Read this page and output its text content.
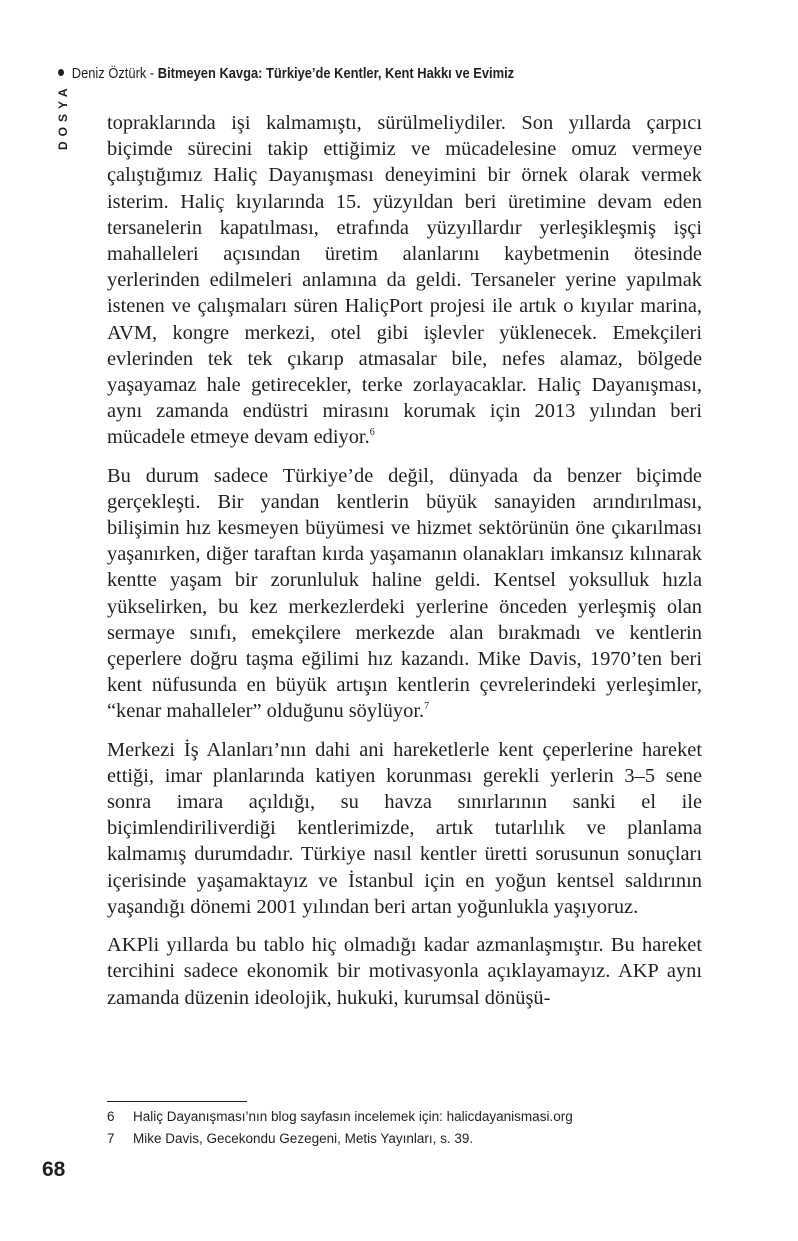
Deniz Öztürk - Bitmeyen Kavga: Türkiye’de Kentler, Kent Hakkı ve Evimiz
DOSYA topraklarında işi kalmamıştı, sürülmeliydiler. Son yıllarda çarpıcı biçimde sürecini takip ettiğimiz ve mücadelesine omuz vermeye çalıştığımız Haliç Dayanışması deneyimini bir örnek olarak vermek isterim. Haliç kıyılarında 15. yüzyıldan beri üretimine devam eden tersanelerin kapatılması, etrafında yüzyıllardır yerleşikleşmiş işçi mahalleleri açısından üretim alanlarını kaybetmenin ötesinde yerlerinden edilmeleri anlamına da geldi. Tersaneler yerine yapılmak istenen ve çalışmaları süren HaliçPort projesi ile artık o kıyılar marina, AVM, kongre merkezi, otel gibi işlevler yüklenecek. Emekçileri evlerinden tek tek çıkarıp atmasalar bile, nefes alamaz, bölgede yaşayamaz hale getirecekler, terke zorlayacaklar. Haliç Dayanışması, aynı zamanda endüstri mirasını korumak için 2013 yılından beri mücadele etmeye devam ediyor.$^6$

Bu durum sadece Türkiye’de değil, dünyada da benzer biçimde gerçekleşti. Bir yandan kentlerin büyük sanayiden arındırılması, bilişimin hız kesmeyen büyümesi ve hizmet sektörünün öne çıkarılması yaşanırken, diğer taraftan kırda yaşamanın olanakları imkansız kılınarak kentte yaşam bir zorunluluk haline geldi. Kentsel yoksulluk hızla yükselirken, bu kez merkezlerdeki yerlerine önceden yerleşmiş olan sermaye sınıfı, emekçilere merkezde alan bırakmadı ve kentlerin çeperlere doğru taşma eğilimi hız kazandı. Mike Davis, 1970’ten beri kent nüfusunda en büyük artışın kentlerin çevrelerindeki yerleşimler, “kenar mahalleler” olduğunu söylüyor.$^7$

Merkezi İş Alanları’nın dahi ani hareketlerle kent çeperlerine hareket ettiği, imar planlarında katiyen korunması gerekli yerlerin 3–5 sene sonra imara açıldığı, su havza sınırlarının sanki el ile biçimlendiriliverdiği kentlerimizde, artık tutarlılık ve planlama kalmamış durumdadır. Türkiye nasıl kentler üretti sorusunun sonuçları içerisinde yaşamaktayız ve İstanbul için en yoğun kentsel saldırının yaşandığı dönemi 2001 yılından beri artan yoğunlukla yaşıyoruz.

AKPli yıllarda bu tablo hiç olmadığı kadar azmanlaşmıştır. Bu hareket tercihini sadece ekonomik bir motivasyonla açıklayamayız. AKP aynı zamanda düzenin ideolojik, hukuki, kurumsal dönüşü-

6	Haliç Dayanışması’nın blog sayfasın incelemek için: halicdayanismasi.org
7	Mike Davis, Gecekondu Gezegeni, Metis Yayınları, s. 39.
68
